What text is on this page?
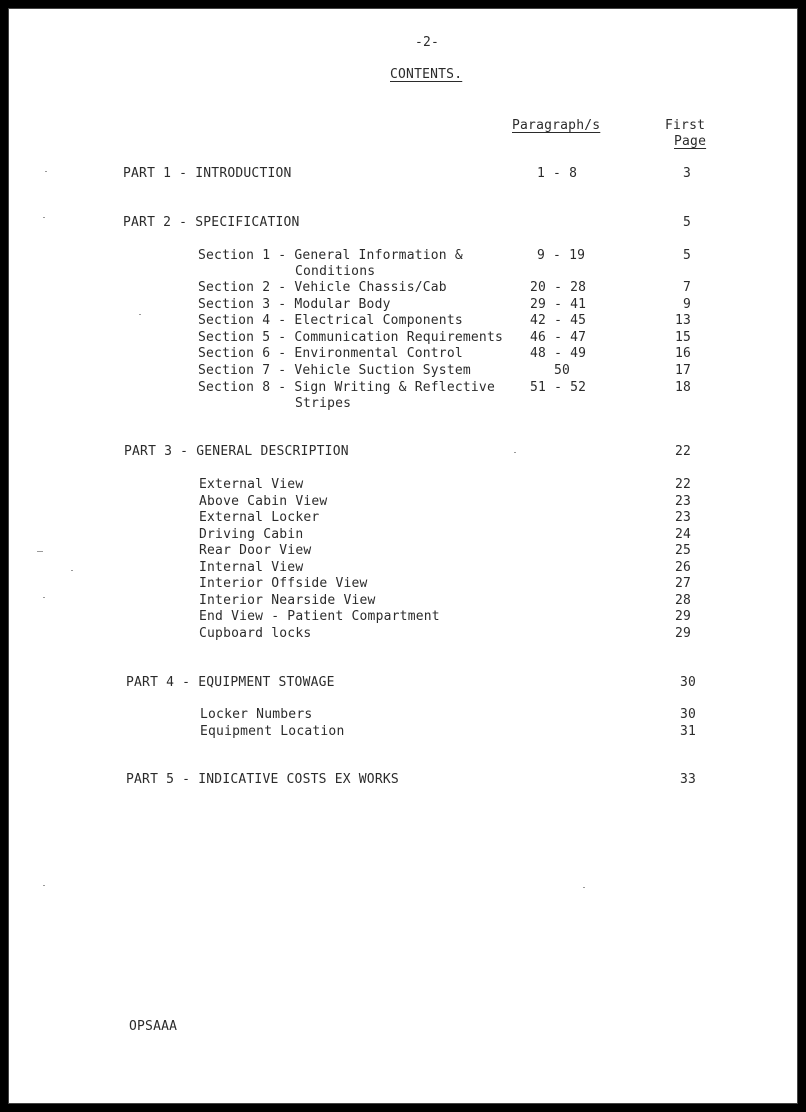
-2-
CONTENTS.
Paragraph/s	First
Page
PART 1 - INTRODUCTION	1 - 8	3
PART 2 - SPECIFICATION	5
Section 1 - General Information &
Conditions
9 - 19	5
Section 2 - Vehicle Chassis/Cab	20 - 28	7
Section 3 - Modular Body	29 - 41	9
Section 4 - Electrical Components	42 - 45	13
Section 5 - Communication Requirements 46 - 47	15
Section 6 - Environmental Control	48 - 49	16
Section 7 - Vehicle Suction System	50	17
Section 8 - Sign Writing & Reflective
Stripes
51 - 52	18
PART 3 - GENERAL DESCRIPTION	22
External View	22
Above Cabin View	23
External Locker	23
Driving Cabin	24
Rear Door View	25
Internal View	26
Interior Offside View	27
Interior Nearside View	28
End View - Patient Compartment	29
Cupboard locks	29
PART 4 - EQUIPMENT STOWAGE	30
Locker Numbers	30
Equipment Location	31
PART 5 - INDICATIVE COSTS EX WORKS	33
OPSAAA
